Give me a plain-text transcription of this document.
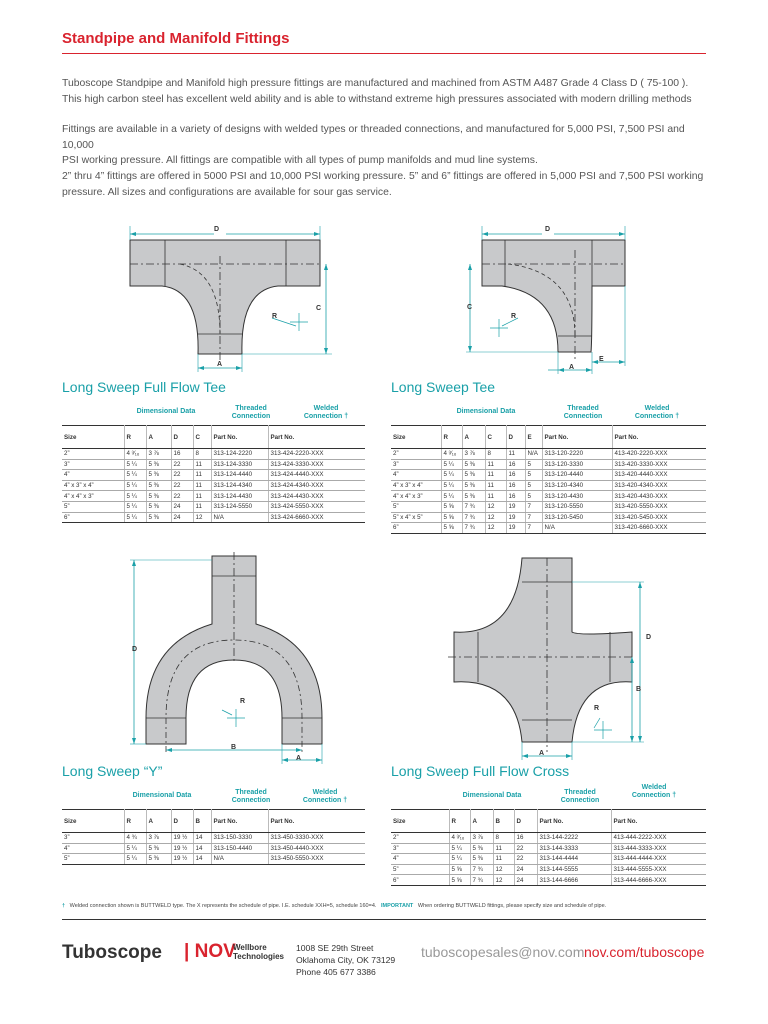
Standpipe and Manifold Fittings

Tuboscope Standpipe and Manifold high pressure fittings are manufactured and machined from ASTM A487 Grade 4 Class D ( 75-100 ).
This high carbon steel has excellent weld ability and is able to withstand extreme high pressures associated with modern drilling methods

Fittings are available in a variety of designs with welded types or threaded connections, and manufactured for 5,000 PSI, 7,500 PSI and 10,000
PSI working pressure. All fittings are compatible with all types of pump manifolds and mud line systems.

2” thru 4” fittings are offered in 5000 PSI and 10,000 PSI working pressure. 5” and 6” fittings are offered in 5,000 PSI and 7,500 PSI working
pressure. All sizes and configurations are available for sour gas service.

D
C
R
A
D
C
R
E
A
Long Sweep Full Flow Tee	Long Sweep Tee
Dimensional Data	Threaded
Connection
Welded
Connection †
Size	R	A	D	C	Part No.	Part No.
2”	4 ³⁄₁₆	3 ⅞	16	8	313-124-2220	313-424-2220-XXX
3”	5 ¼	5 ⅜	22	11	313-124-3330	313-424-3330-XXX
4”	5 ¼	5 ⅜	22	11	313-124-4440	313-424-4440-XXX
4” x 3” x 4”	5 ¼	5 ⅜	22	11	313-124-4340	313-424-4340-XXX
4” x 4” x 3”	5 ¼	5 ⅜	22	11	313-124-4430	313-424-4430-XXX
5”	5 ¼	5 ⅜	24	11	313-124-5550	313-424-5550-XXX
6”	5 ¼	5 ⅜	24	12	N/A	313-424-6660-XXX
Dimensional Data	Threaded
Connection
Welded
Connection †
Size	R	A	C	D	E	Part No.	Part No.
2”	4 ³⁄₁₆	3 ⅞	8	11	N/A	313-120-2220	413-420-2220-XXX
3”	5 ¼	5 ⅜	11	16	5	313-120-3330	313-420-3330-XXX
4”	5 ¼	5 ⅜	11	16	5	313-120-4440	313-420-4440-XXX
4” x 3” x 4”	5 ¼	5 ⅜	11	16	5	313-120-4340	313-420-4340-XXX
4” x 4” x 3”	5 ¼	5 ⅜	11	16	5	313-120-4430	313-420-4430-XXX
5”	5 ⅝	7 ¾	12	19	7	313-120-5550	313-420-5550-XXX
5” x 4” x 5”	5 ⅝	7 ¾	12	19	7	313-120-5450	313-420-5450-XXX
6”	5 ⅝	7 ¾	12	19	7	N/A	313-420-6660-XXX
D
R
B
A
D
B
R
A
Long Sweep “Y”	Long Sweep Full Flow Cross
Dimensional Data	Threaded
Connection
Welded
Connection †
Size	R	A	D	B	Part No.	Part No.
3”	4 ¾	3 ⅞	19 ½	14	313-150-3330	313-450-3330-XXX
4”	5 ¼	5 ⅜	19 ½	14	313-150-4440	313-450-4440-XXX
5”	5 ¼	5 ⅜	19 ½	14	N/A	313-450-5550-XXX
Dimensional Data	Threaded
Connection
Welded
Connection †
Size	R	A	B	D	Part No.	Part No.
2”	4 ³⁄₁₆	3 ⅞	8	16	313-144-2222	413-444-2222-XXX
3”	5 ¼	5 ⅜	11	22	313-144-3333	313-444-3333-XXX
4”	5 ¼	5 ⅜	11	22	313-144-4444	313-444-4444-XXX
5”	5 ⅝	7 ¾	12	24	313-144-5555	313-444-5555-XXX
6”	5 ⅝	7 ¾	12	24	313-144-6666	313-444-6666-XXX
† Welded connection shown is BUTTWELD type. The X represents the schedule of pipe. I.E. schedule XXH=5, schedule 160=4. IMPORTANT When ordering BUTTWELD fittings, please specify size and schedule of pipe.
Tuboscope | NOV
Wellbore
Technologies
1008 SE 29th Street
Oklahoma City, OK 73129
Phone 405 677 3386
tuboscopesales@nov.com nov.com/tuboscope
